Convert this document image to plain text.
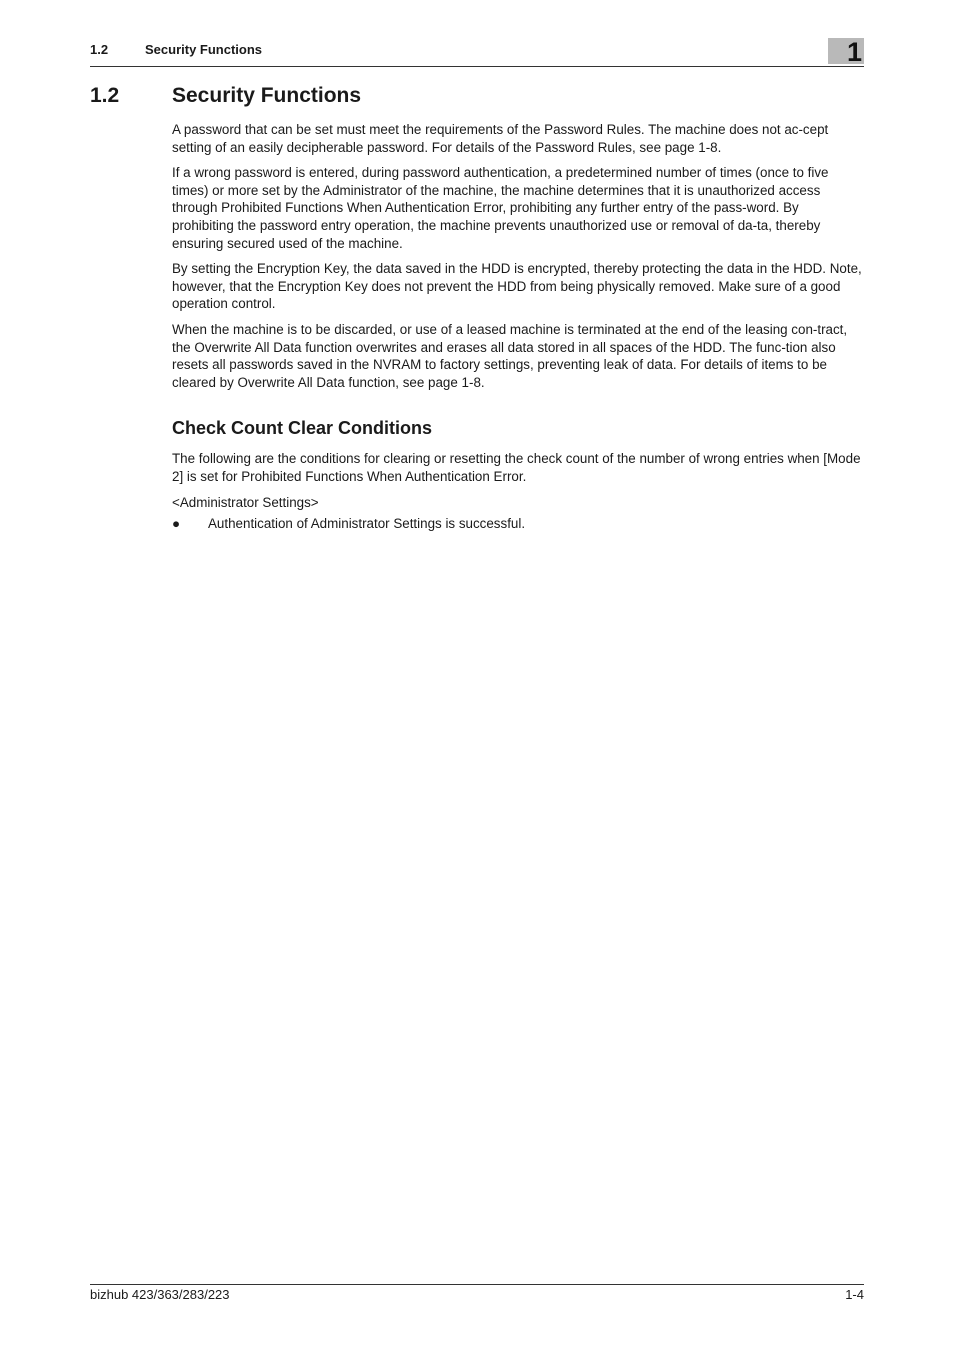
1.2	Security Functions	1
1.2	Security Functions

A password that can be set must meet the requirements of the Password Rules. The machine does not ac-cept setting of an easily decipherable password. For details of the Password Rules, see page 1-8.

If a wrong password is entered, during password authentication, a predetermined number of times (once to five times) or more set by the Administrator of the machine, the machine determines that it is unauthorized access through Prohibited Functions When Authentication Error, prohibiting any further entry of the pass-word. By prohibiting the password entry operation, the machine prevents unauthorized use or removal of da-ta, thereby ensuring secured used of the machine.

By setting the Encryption Key, the data saved in the HDD is encrypted, thereby protecting the data in the HDD. Note, however, that the Encryption Key does not prevent the HDD from being physically removed. Make sure of a good operation control.

When the machine is to be discarded, or use of a leased machine is terminated at the end of the leasing con-tract, the Overwrite All Data function overwrites and erases all data stored in all spaces of the HDD. The func-tion also resets all passwords saved in the NVRAM to factory settings, preventing leak of data. For details of items to be cleared by Overwrite All Data function, see page 1-8.

Check Count Clear Conditions

The following are the conditions for clearing or resetting the check count of the number of wrong entries when [Mode 2] is set for Prohibited Functions When Authentication Error.

<Administrator Settings>

● Authentication of Administrator Settings is successful.
bizhub 423/363/283/223	1-4
